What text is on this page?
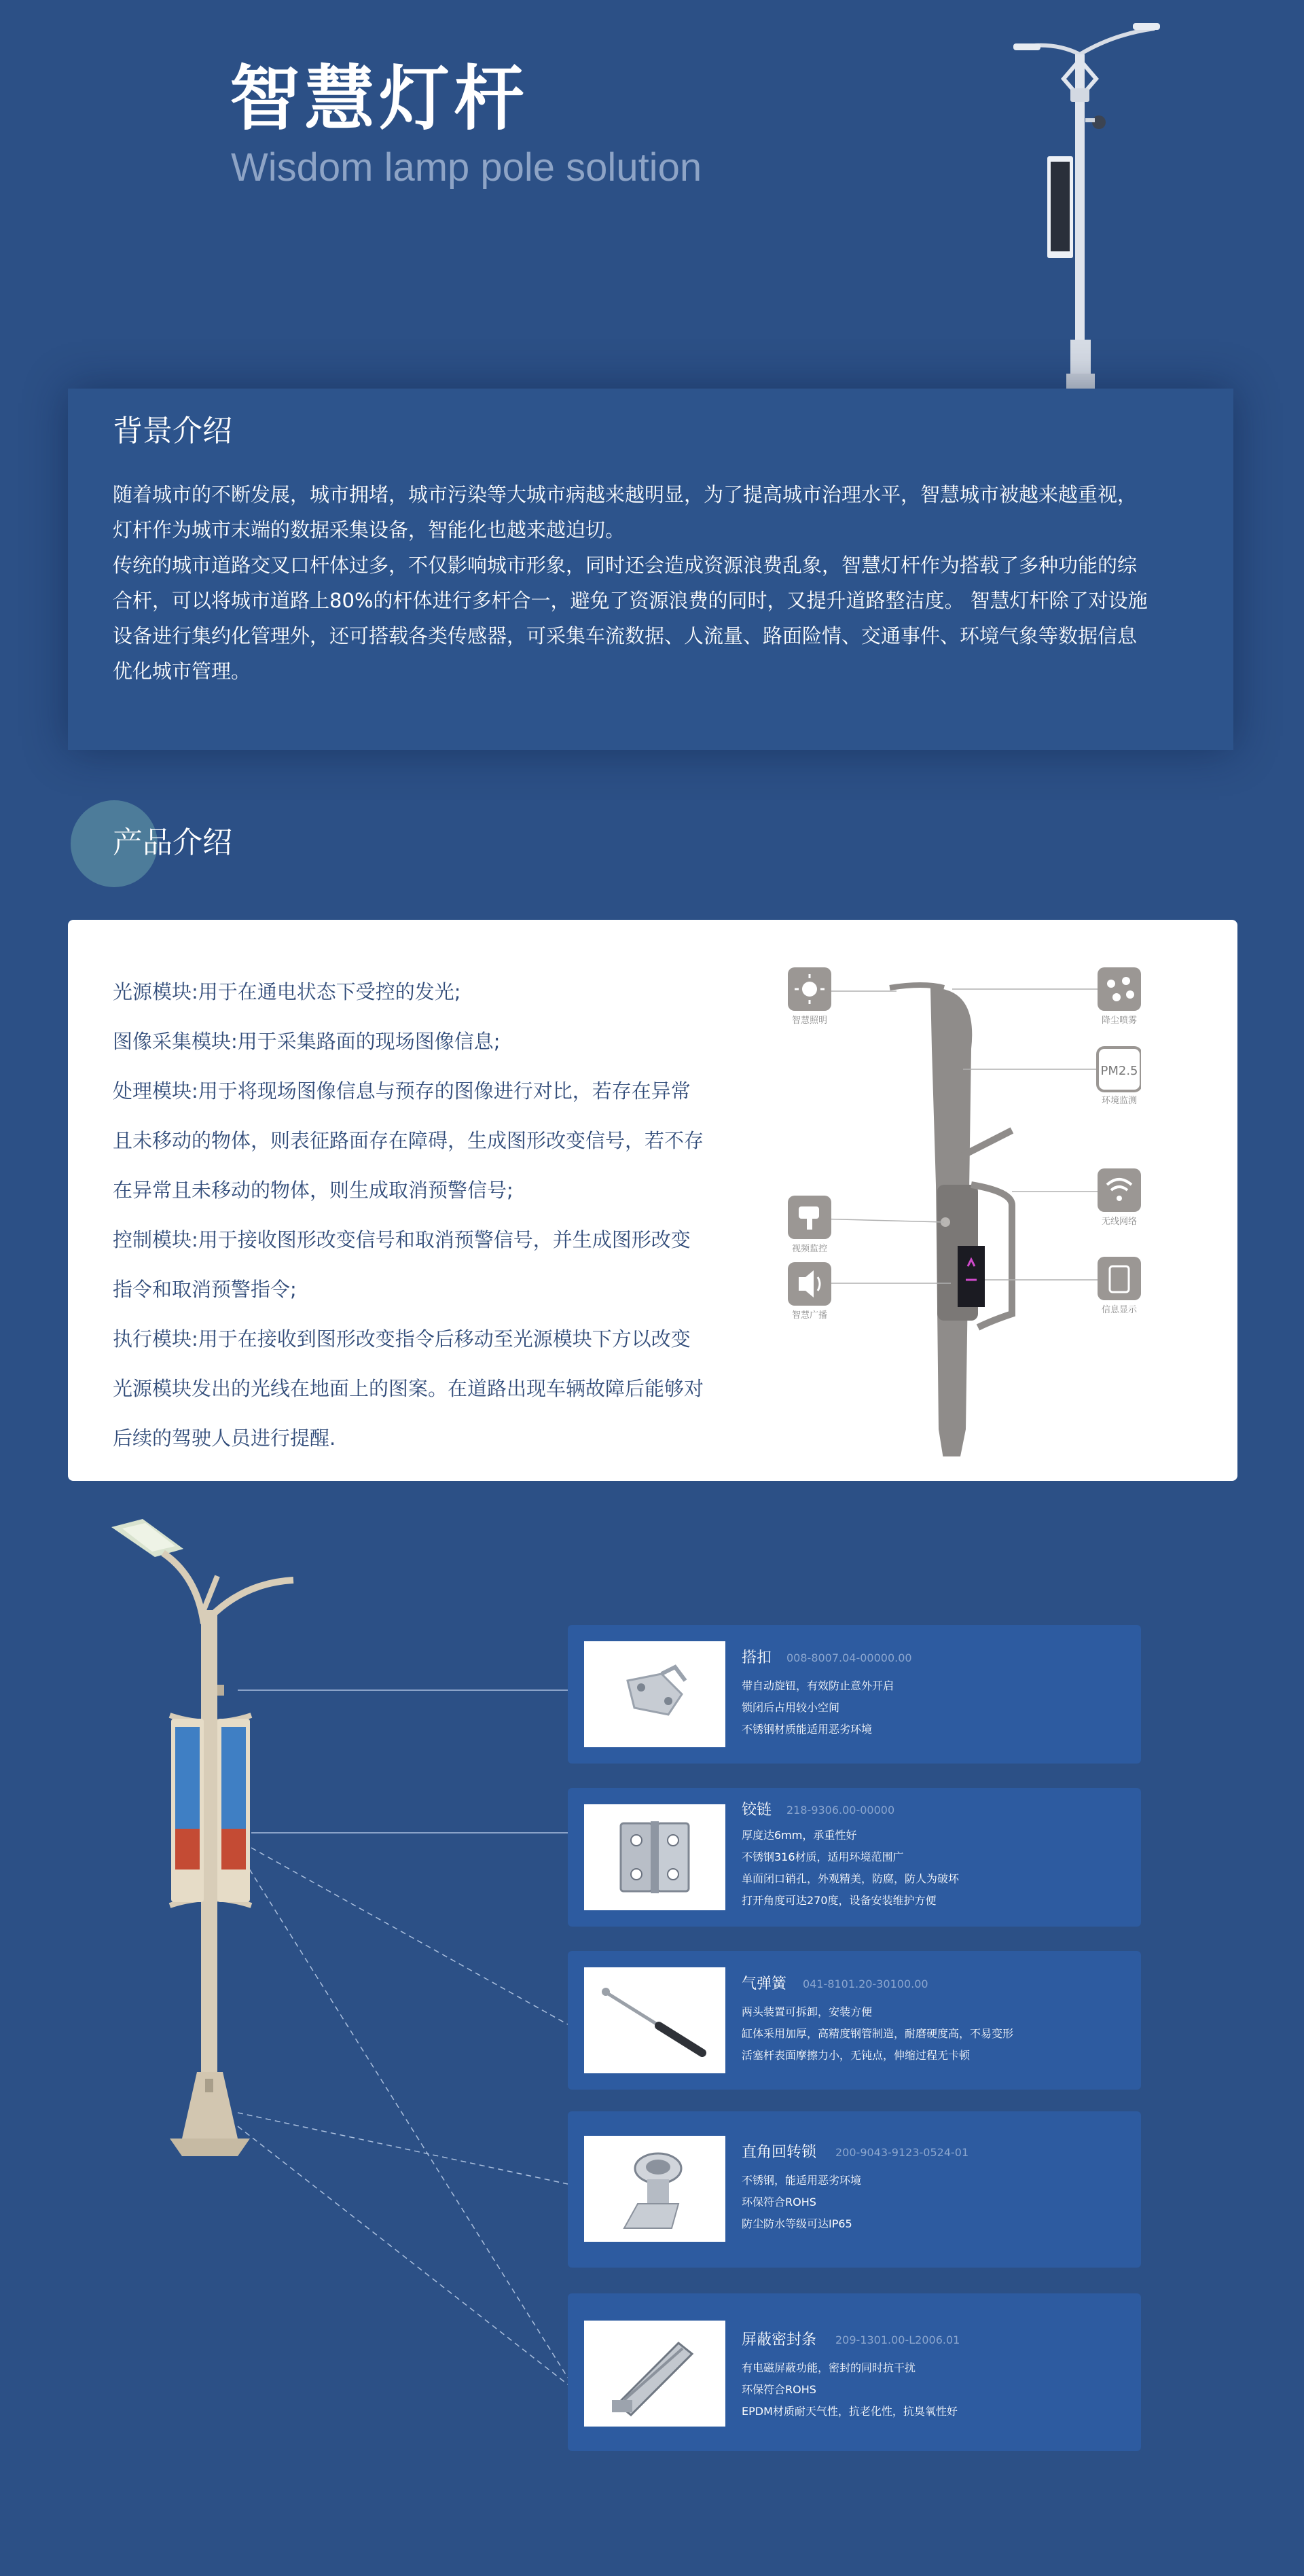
智慧灯杆
Wisdom lamp pole solution
背景介绍
随着城市的不断发展，城市拥堵，城市污染等大城市病越来越明显，为了提高城市治理水平，智慧城市被越来越重视，
灯杆作为城市末端的数据采集设备，智能化也越来越迫切。
传统的城市道路交叉口杆体过多，不仅影响城市形象，同时还会造成资源浪费乱象，智慧灯杆作为搭载了多种功能的综
合杆，可以将城市道路上80%的杆体进行多杆合一，避免了资源浪费的同时，又提升道路整洁度。 智慧灯杆除了对设施
设备进行集约化管理外，还可搭载各类传感器，可采集车流数据、人流量、路面险情、交通事件、环境气象等数据信息
优化城市管理。
产品介绍
光源模块:用于在通电状态下受控的发光;
图像采集模块:用于采集路面的现场图像信息;
处理模块:用于将现场图像信息与预存的图像进行对比，若存在异常
且未移动的物体，则表征路面存在障碍，生成图形改变信号，若不存
在异常且未移动的物体，则生成取消预警信号;
控制模块:用于接收图形改变信号和取消预警信号，并生成图形改变
指令和取消预警指令;
执行模块:用于在接收到图形改变指令后移动至光源模块下方以改变
光源模块发出的光线在地面上的图案。在道路出现车辆故障后能够对
后续的驾驶人员进行提醒.
智慧照明
视频监控
智慧广播
降尘喷雾
PM2.5
环境监测
无线网络
信息显示
搭扣 008-8007.04-00000.00
带自动旋钮，有效防止意外开启
锁闭后占用较小空间
不锈钢材质能适用恶劣环境
铰链 218-9306.00-00000
厚度达6mm，承重性好
不锈钢316材质，适用环境范围广
单面闭口销孔，外观精美，防腐，防人为破坏
打开角度可达270度，设备安装维护方便
气弹簧 041-8101.20-30100.00
两头装置可拆卸，安装方便
缸体采用加厚，高精度钢管制造，耐磨硬度高，不易变形
活塞杆表面摩擦力小，无钝点，伸缩过程无卡顿
直角回转锁 200-9043-9123-0524-01
不锈钢，能适用恶劣环境
环保符合ROHS
防尘防水等级可达IP65
屏蔽密封条 209-1301.00-L2006.01
有电磁屏蔽功能，密封的同时抗干扰
环保符合ROHS
EPDM材质耐天气性，抗老化性，抗臭氧性好
